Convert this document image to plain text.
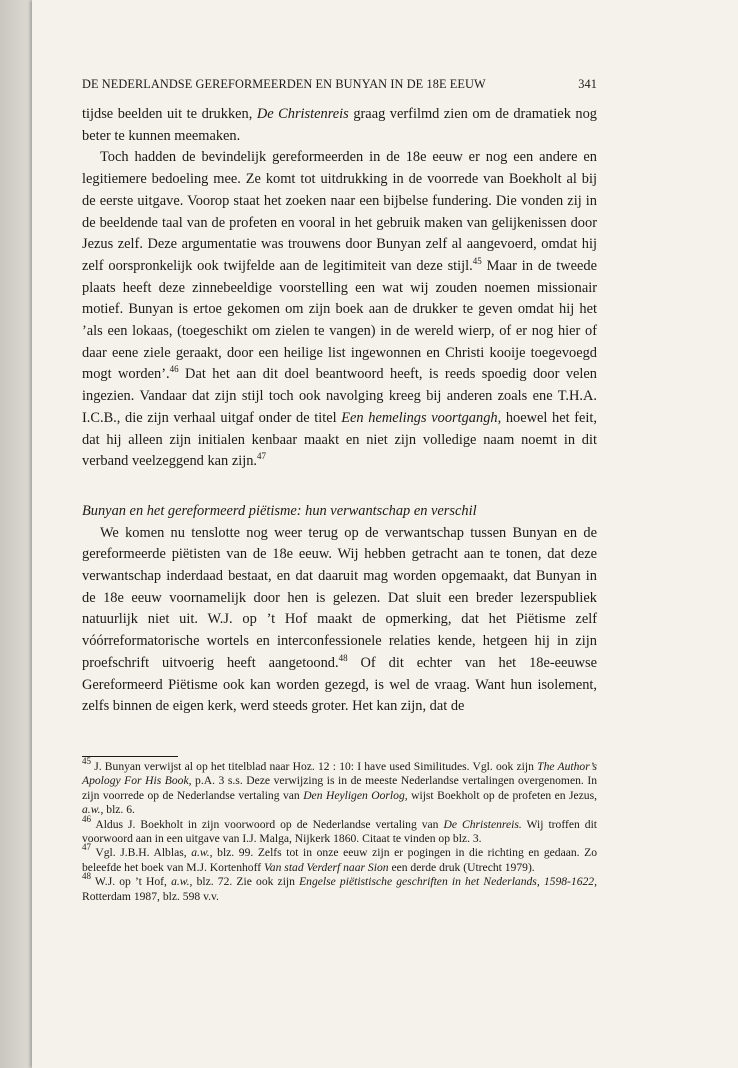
DE NEDERLANDSE GEREFORMEERDEN EN BUNYAN IN DE 18E EEUW	341

tijdse beelden uit te drukken, De Christenreis graag verfilmd zien om de dramatiek nog beter te kunnen meemaken.

Toch hadden de bevindelijk gereformeerden in de 18e eeuw er nog een andere en legitiemere bedoeling mee. Ze komt tot uitdrukking in de voorrede van Boekholt al bij de eerste uitgave. Voorop staat het zoeken naar een bijbelse fundering. Die vonden zij in de beeldende taal van de profeten en vooral in het gebruik maken van gelijkenissen door Jezus zelf. Deze argumentatie was trouwens door Bunyan zelf al aangevoerd, omdat hij zelf oorspronkelijk ook twijfelde aan de legitimiteit van deze stijl.$^{45}$ Maar in de tweede plaats heeft deze zinnebeeldige voorstelling een wat wij zouden noemen missionair motief. Bunyan is ertoe gekomen om zijn boek aan de drukker te geven omdat hij het ’als een lokaas, (toegeschikt om zielen te vangen) in de wereld wierp, of er nog hier of daar eene ziele geraakt, door een heilige list ingewonnen en Christi kooije toegevoegd mogt worden’.$^{46}$ Dat het aan dit doel beantwoord heeft, is reeds spoedig door velen ingezien. Vandaar dat zijn stijl toch ook navolging kreeg bij anderen zoals ene T.H.A. I.C.B., die zijn verhaal uitgaf onder de titel Een hemelings voortgangh, hoewel het feit, dat hij alleen zijn initialen kenbaar maakt en niet zijn volledige naam noemt in dit verband veelzeggend kan zijn.$^{47}$

Bunyan en het gereformeerd piëtisme: hun verwantschap en verschil

We komen nu tenslotte nog weer terug op de verwantschap tussen Bunyan en de gereformeerde piëtisten van de 18e eeuw. Wij hebben getracht aan te tonen, dat deze verwantschap inderdaad bestaat, en dat daaruit mag worden opgemaakt, dat Bunyan in de 18e eeuw voornamelijk door hen is gelezen. Dat sluit een breder lezerspubliek natuurlijk niet uit. W.J. op ’t Hof maakt de opmerking, dat het Piëtisme zelf vóórreformatorische wortels en interconfessionele relaties kende, hetgeen hij in zijn proefschrift uitvoerig heeft aangetoond.$^{48}$ Of dit echter van het 18e-eeuwse Gereformeerd Piëtisme ook kan worden gezegd, is wel de vraag. Want hun isolement, zelfs binnen de eigen kerk, werd steeds groter. Het kan zijn, dat de

$^{45}$ J. Bunyan verwijst al op het titelblad naar Hoz. 12 : 10: I have used Similitudes. Vgl. ook zijn The Author’s Apology For His Book, p.A. 3 s.s. Deze verwijzing is in de meeste Nederlandse vertalingen overgenomen. In zijn voorrede op de Nederlandse vertaling van Den Heyligen Oorlog, wijst Boekholt op de profeten en Jezus, a.w., blz. 6.

$^{46}$ Aldus J. Boekholt in zijn voorwoord op de Nederlandse vertaling van De Christenreis. Wij troffen dit voorwoord aan in een uitgave van I.J. Malga, Nijkerk 1860. Citaat te vinden op blz. 3.

$^{47}$ Vgl. J.B.H. Alblas, a.w., blz. 99. Zelfs tot in onze eeuw zijn er pogingen in die richting en gedaan. Zo beleefde het boek van M.J. Kortenhoff Van stad Verderf naar Sion een derde druk (Utrecht 1979).

$^{48}$ W.J. op ’t Hof, a.w., blz. 72. Zie ook zijn Engelse piëtistische geschriften in het Nederlands, 1598-1622, Rotterdam 1987, blz. 598 v.v.
